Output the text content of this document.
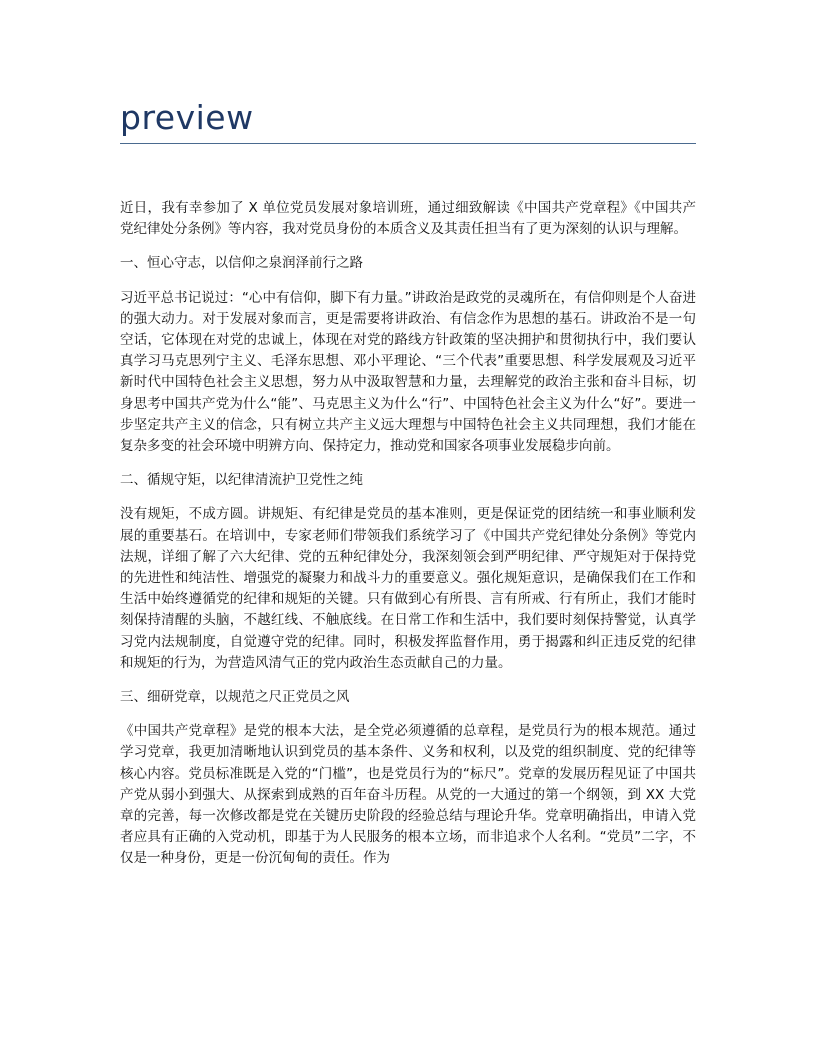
preview

近日，我有幸参加了 X 单位党员发展对象培训班，通过细致解读《中国共产党章程》《中国共产党纪律处分条例》等内容，我对党员身份的本质含义及其责任担当有了更为深刻的认识与理解。

一、恒心守志，以信仰之泉润泽前行之路

习近平总书记说过：“心中有信仰，脚下有力量。”讲政治是政党的灵魂所在，有信仰则是个人奋进的强大动力。对于发展对象而言，更是需要将讲政治、有信念作为思想的基石。讲政治不是一句空话，它体现在对党的忠诚上，体现在对党的路线方针政策的坚决拥护和贯彻执行中，我们要认真学习马克思列宁主义、毛泽东思想、邓小平理论、“三个代表”重要思想、科学发展观及习近平新时代中国特色社会主义思想，努力从中汲取智慧和力量，去理解党的政治主张和奋斗目标，切身思考中国共产党为什么“能”、马克思主义为什么“行”、中国特色社会主义为什么“好”。要进一步坚定共产主义的信念，只有树立共产主义远大理想与中国特色社会主义共同理想，我们才能在复杂多变的社会环境中明辨方向、保持定力，推动党和国家各项事业发展稳步向前。

二、循规守矩，以纪律清流护卫党性之纯

没有规矩，不成方圆。讲规矩、有纪律是党员的基本准则，更是保证党的团结统一和事业顺利发展的重要基石。在培训中，专家老师们带领我们系统学习了《中国共产党纪律处分条例》等党内法规，详细了解了六大纪律、党的五种纪律处分，我深刻领会到严明纪律、严守规矩对于保持党的先进性和纯洁性、增强党的凝聚力和战斗力的重要意义。强化规矩意识，是确保我们在工作和生活中始终遵循党的纪律和规矩的关键。只有做到心有所畏、言有所戒、行有所止，我们才能时刻保持清醒的头脑，不越红线、不触底线。在日常工作和生活中，我们要时刻保持警觉，认真学习党内法规制度，自觉遵守党的纪律。同时，积极发挥监督作用，勇于揭露和纠正违反党的纪律和规矩的行为，为营造风清气正的党内政治生态贡献自己的力量。

三、细研党章，以规范之尺正党员之风

《中国共产党章程》是党的根本大法，是全党必须遵循的总章程，是党员行为的根本规范。通过学习党章，我更加清晰地认识到党员的基本条件、义务和权利，以及党的组织制度、党的纪律等核心内容。党员标准既是入党的“门槛”，也是党员行为的“标尺”。党章的发展历程见证了中国共产党从弱小到强大、从探索到成熟的百年奋斗历程。从党的一大通过的第一个纲领，到 XX 大党章的完善，每一次修改都是党在关键历史阶段的经验总结与理论升华。党章明确指出，申请入党者应具有正确的入党动机，即基于为人民服务的根本立场，而非追求个人名利。“党员”二字，不仅是一种身份，更是一份沉甸甸的责任。作为
